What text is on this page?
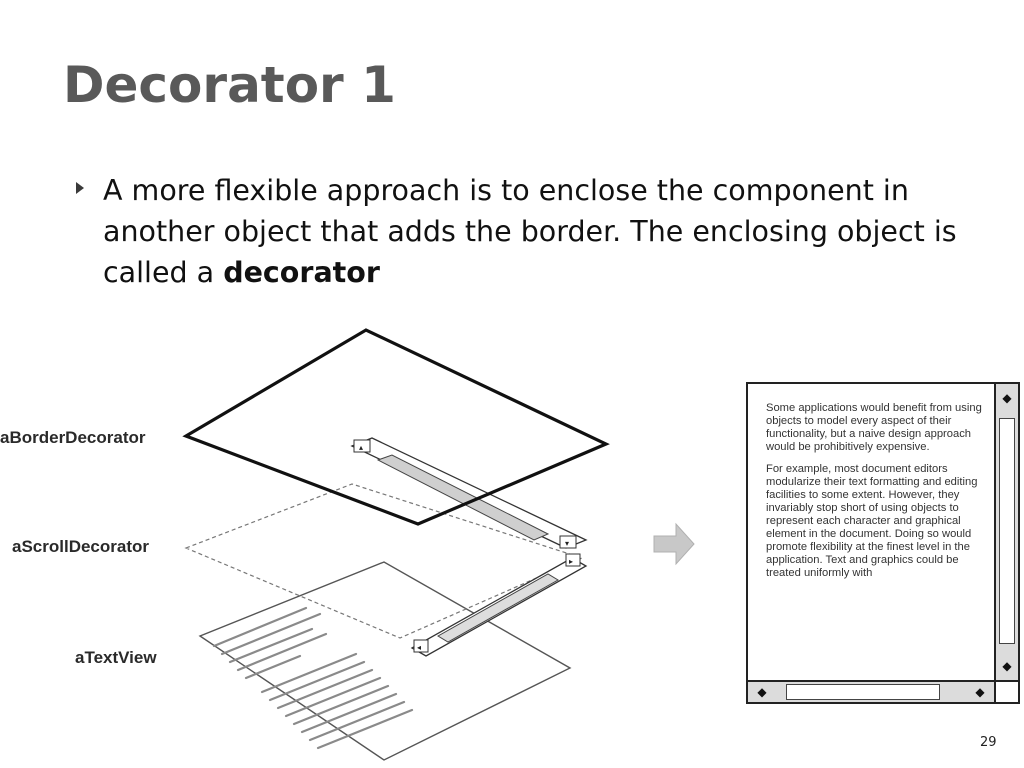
Decorator 1

A more flexible approach is to enclose the component in another object that adds the border. The enclosing object is called a decorator

▴
▾
◂
▸
aBorderDecorator
aScrollDecorator
aTextView

Some applications would benefit from using objects to model every aspect of their functionality, but a naive design approach would be prohibitively expensive.

For example, most document editors modularize their text formatting and editing facilities to some extent. However, they invariably stop short of using objects to represent each character and graphical element in the document. Doing so would promote flexibility at the finest level in the application. Text and graphics could be treated uniformly with

◆
◆
◆	◆
29
